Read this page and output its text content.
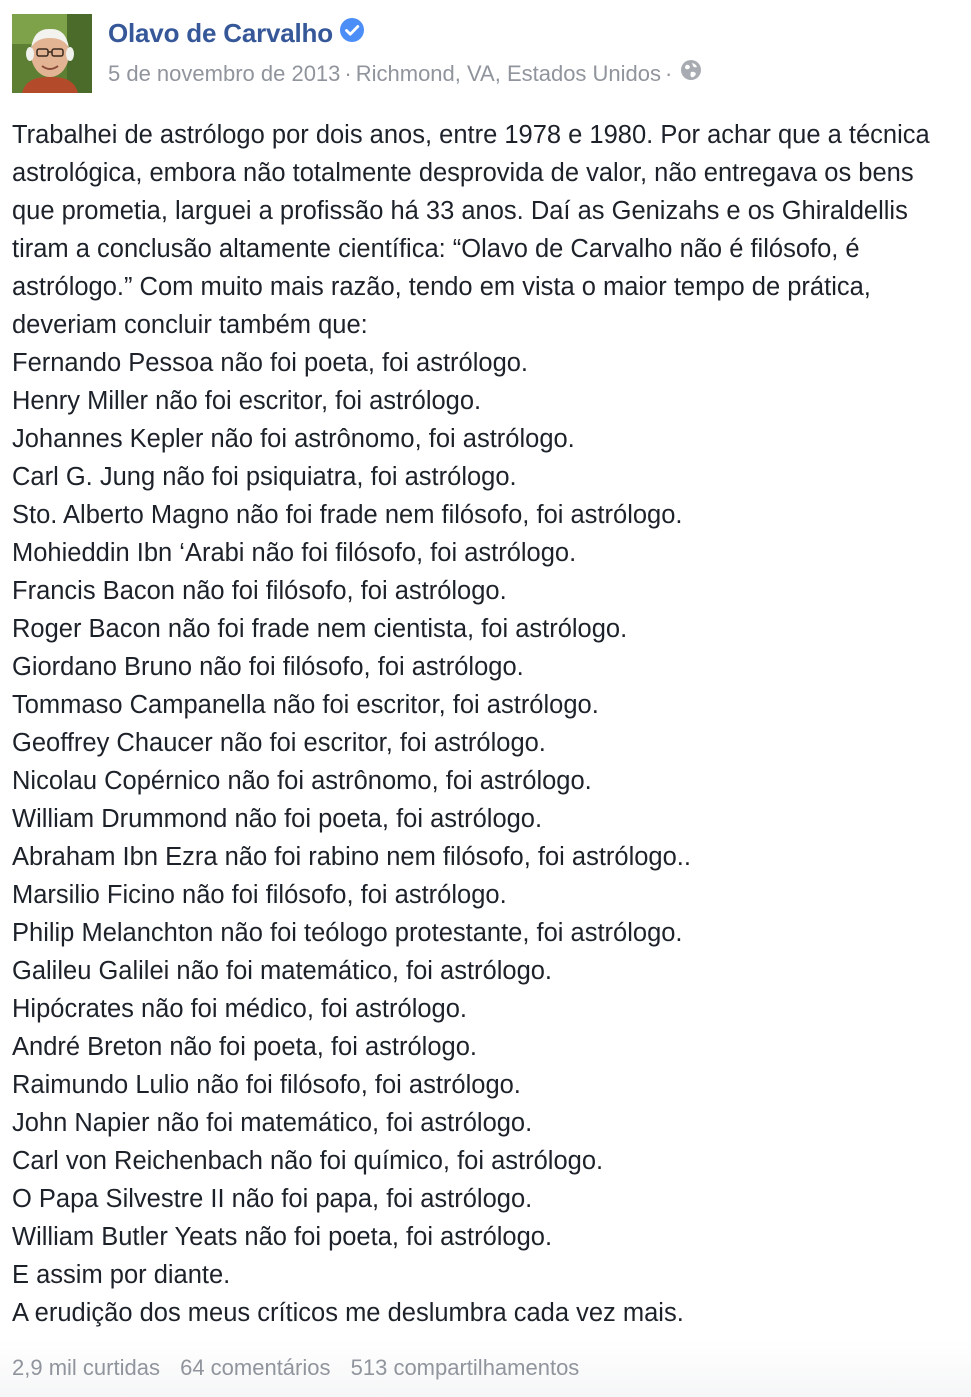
Olavo de Carvalho
5 de novembro de 2013 · Richmond, VA, Estados Unidos ·

Trabalhei de astrólogo por dois anos, entre 1978 e 1980. Por achar que a técnica astrológica, embora não totalmente desprovida de valor, não entregava os bens que prometia, larguei a profissão há 33 anos. Daí as Genizahs e os Ghiraldellis tiram a conclusão altamente científica: “Olavo de Carvalho não é filósofo, é astrólogo.” Com muito mais razão, tendo em vista o maior tempo de prática, deveriam concluir também que:

Fernando Pessoa não foi poeta, foi astrólogo.

Henry Miller não foi escritor, foi astrólogo.

Johannes Kepler não foi astrônomo, foi astrólogo.

Carl G. Jung não foi psiquiatra, foi astrólogo.

Sto. Alberto Magno não foi frade nem filósofo, foi astrólogo.

Mohieddin Ibn ‘Arabi não foi filósofo, foi astrólogo.

Francis Bacon não foi filósofo, foi astrólogo.

Roger Bacon não foi frade nem cientista, foi astrólogo.

Giordano Bruno não foi filósofo, foi astrólogo.

Tommaso Campanella não foi escritor, foi astrólogo.

Geoffrey Chaucer não foi escritor, foi astrólogo.

Nicolau Copérnico não foi astrônomo, foi astrólogo.

William Drummond não foi poeta, foi astrólogo.

Abraham Ibn Ezra não foi rabino nem filósofo, foi astrólogo..

Marsilio Ficino não foi filósofo, foi astrólogo.

Philip Melanchton não foi teólogo protestante, foi astrólogo.

Galileu Galilei não foi matemático, foi astrólogo.

Hipócrates não foi médico, foi astrólogo.

André Breton não foi poeta, foi astrólogo.

Raimundo Lulio não foi filósofo, foi astrólogo.

John Napier não foi matemático, foi astrólogo.

Carl von Reichenbach não foi químico, foi astrólogo.

O Papa Silvestre II não foi papa, foi astrólogo.

William Butler Yeats não foi poeta, foi astrólogo.

E assim por diante.

A erudição dos meus críticos me deslumbra cada vez mais.

2,9 mil curtidas 64 comentários 513 compartilhamentos
